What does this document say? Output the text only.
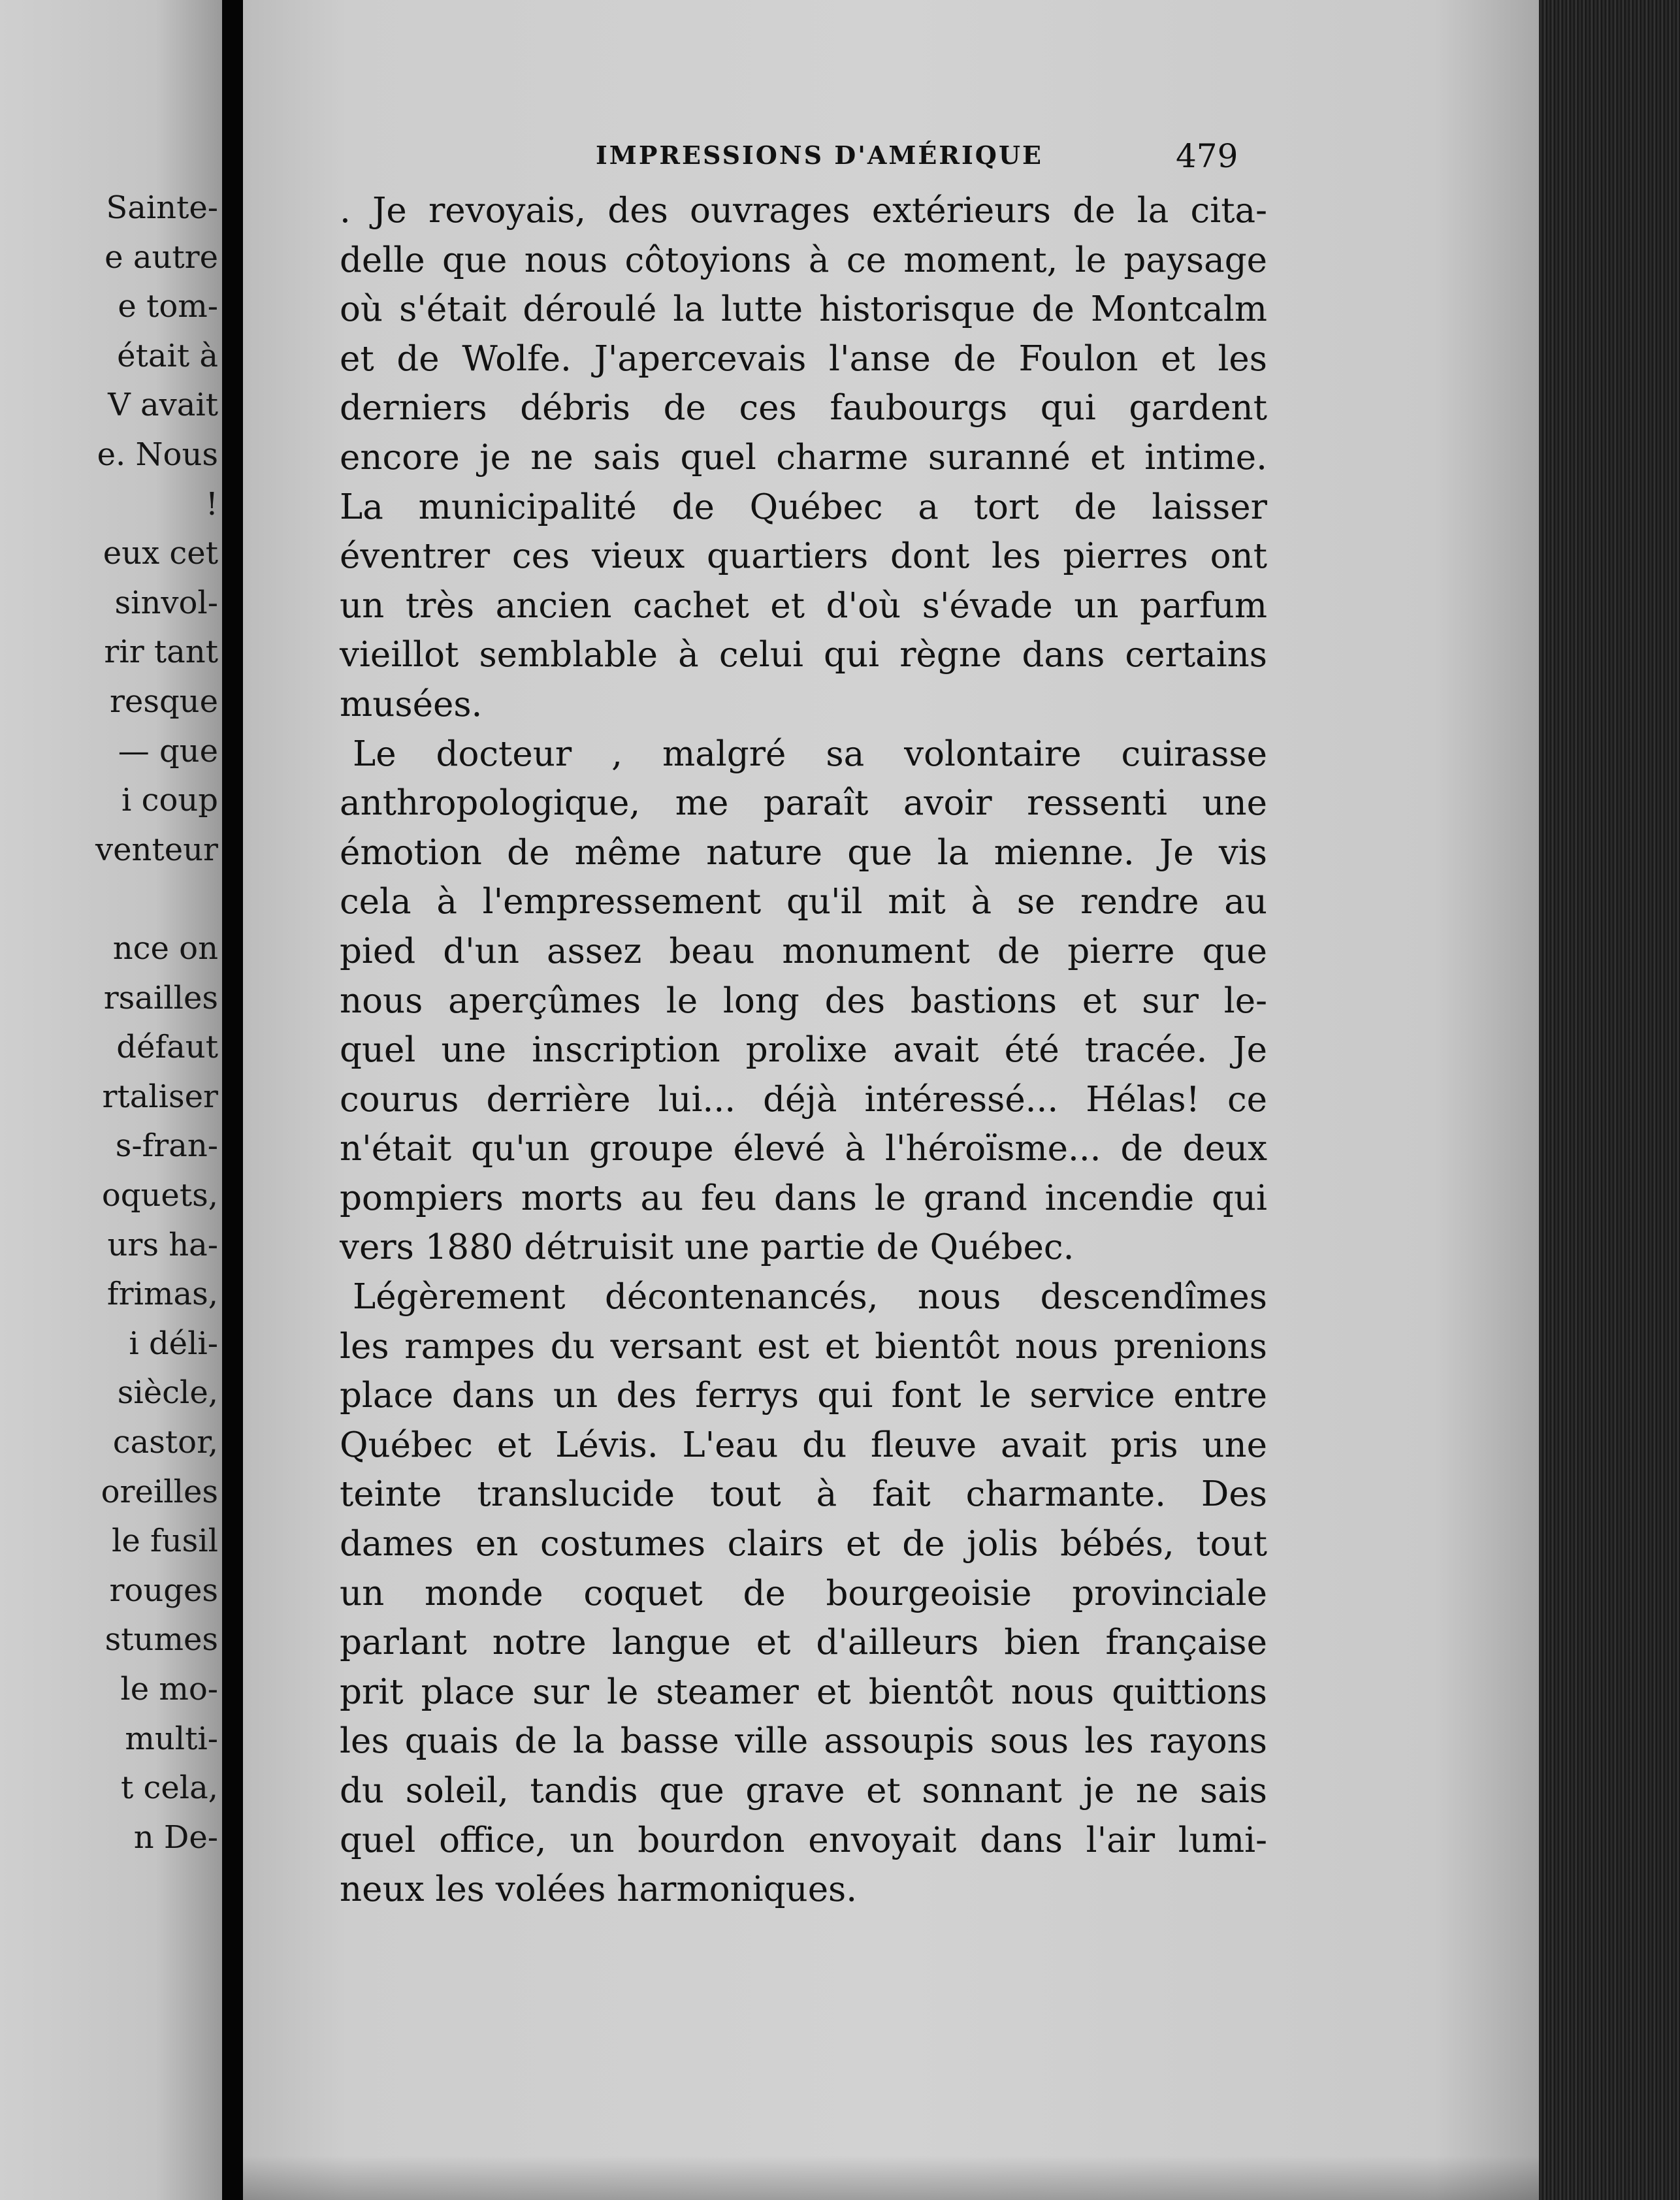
Sainte-
e autre
e tom-
était à
V avait
e. Nous
!
eux cet
sinvol-
rir tant
resque
— que
i coup
venteur
nce on
rsailles
défaut
rtaliser
s-fran-
oquets,
urs ha-
frimas,
i déli-
siècle,
castor,
oreilles
le fusil
rouges
stumes
le mo-
multi-
t cela,
n De-
IMPRESSIONS D'AMÉRIQUE	479
. Je revoyais, des ouvrages extérieurs de la cita-
delle que nous côtoyions à ce moment, le paysage
où s'était déroulé la lutte historisque de Montcalm
et de Wolfe. J'apercevais l'anse de Foulon et les
derniers débris de ces faubourgs qui gardent
encore je ne sais quel charme suranné et intime.
La municipalité de Québec a tort de laisser
éventrer ces vieux quartiers dont les pierres ont
un très ancien cachet et d'où s'évade un parfum
vieillot semblable à celui qui règne dans certains
musées.
Le docteur , malgré sa volontaire cuirasse
anthropologique, me paraît avoir ressenti une
émotion de même nature que la mienne. Je vis
cela à l'empressement qu'il mit à se rendre au
pied d'un assez beau monument de pierre que
nous aperçûmes le long des bastions et sur le-
quel une inscription prolixe avait été tracée. Je
courus derrière lui... déjà intéressé... Hélas! ce
n'était qu'un groupe élevé à l'héroïsme... de deux
pompiers morts au feu dans le grand incendie qui
vers 1880 détruisit une partie de Québec.
Légèrement décontenancés, nous descendîmes
les rampes du versant est et bientôt nous prenions
place dans un des ferrys qui font le service entre
Québec et Lévis. L'eau du fleuve avait pris une
teinte translucide tout à fait charmante. Des
dames en costumes clairs et de jolis bébés, tout
un monde coquet de bourgeoisie provinciale
parlant notre langue et d'ailleurs bien française
prit place sur le steamer et bientôt nous quittions
les quais de la basse ville assoupis sous les rayons
du soleil, tandis que grave et sonnant je ne sais
quel office, un bourdon envoyait dans l'air lumi-
neux les volées harmoniques.
